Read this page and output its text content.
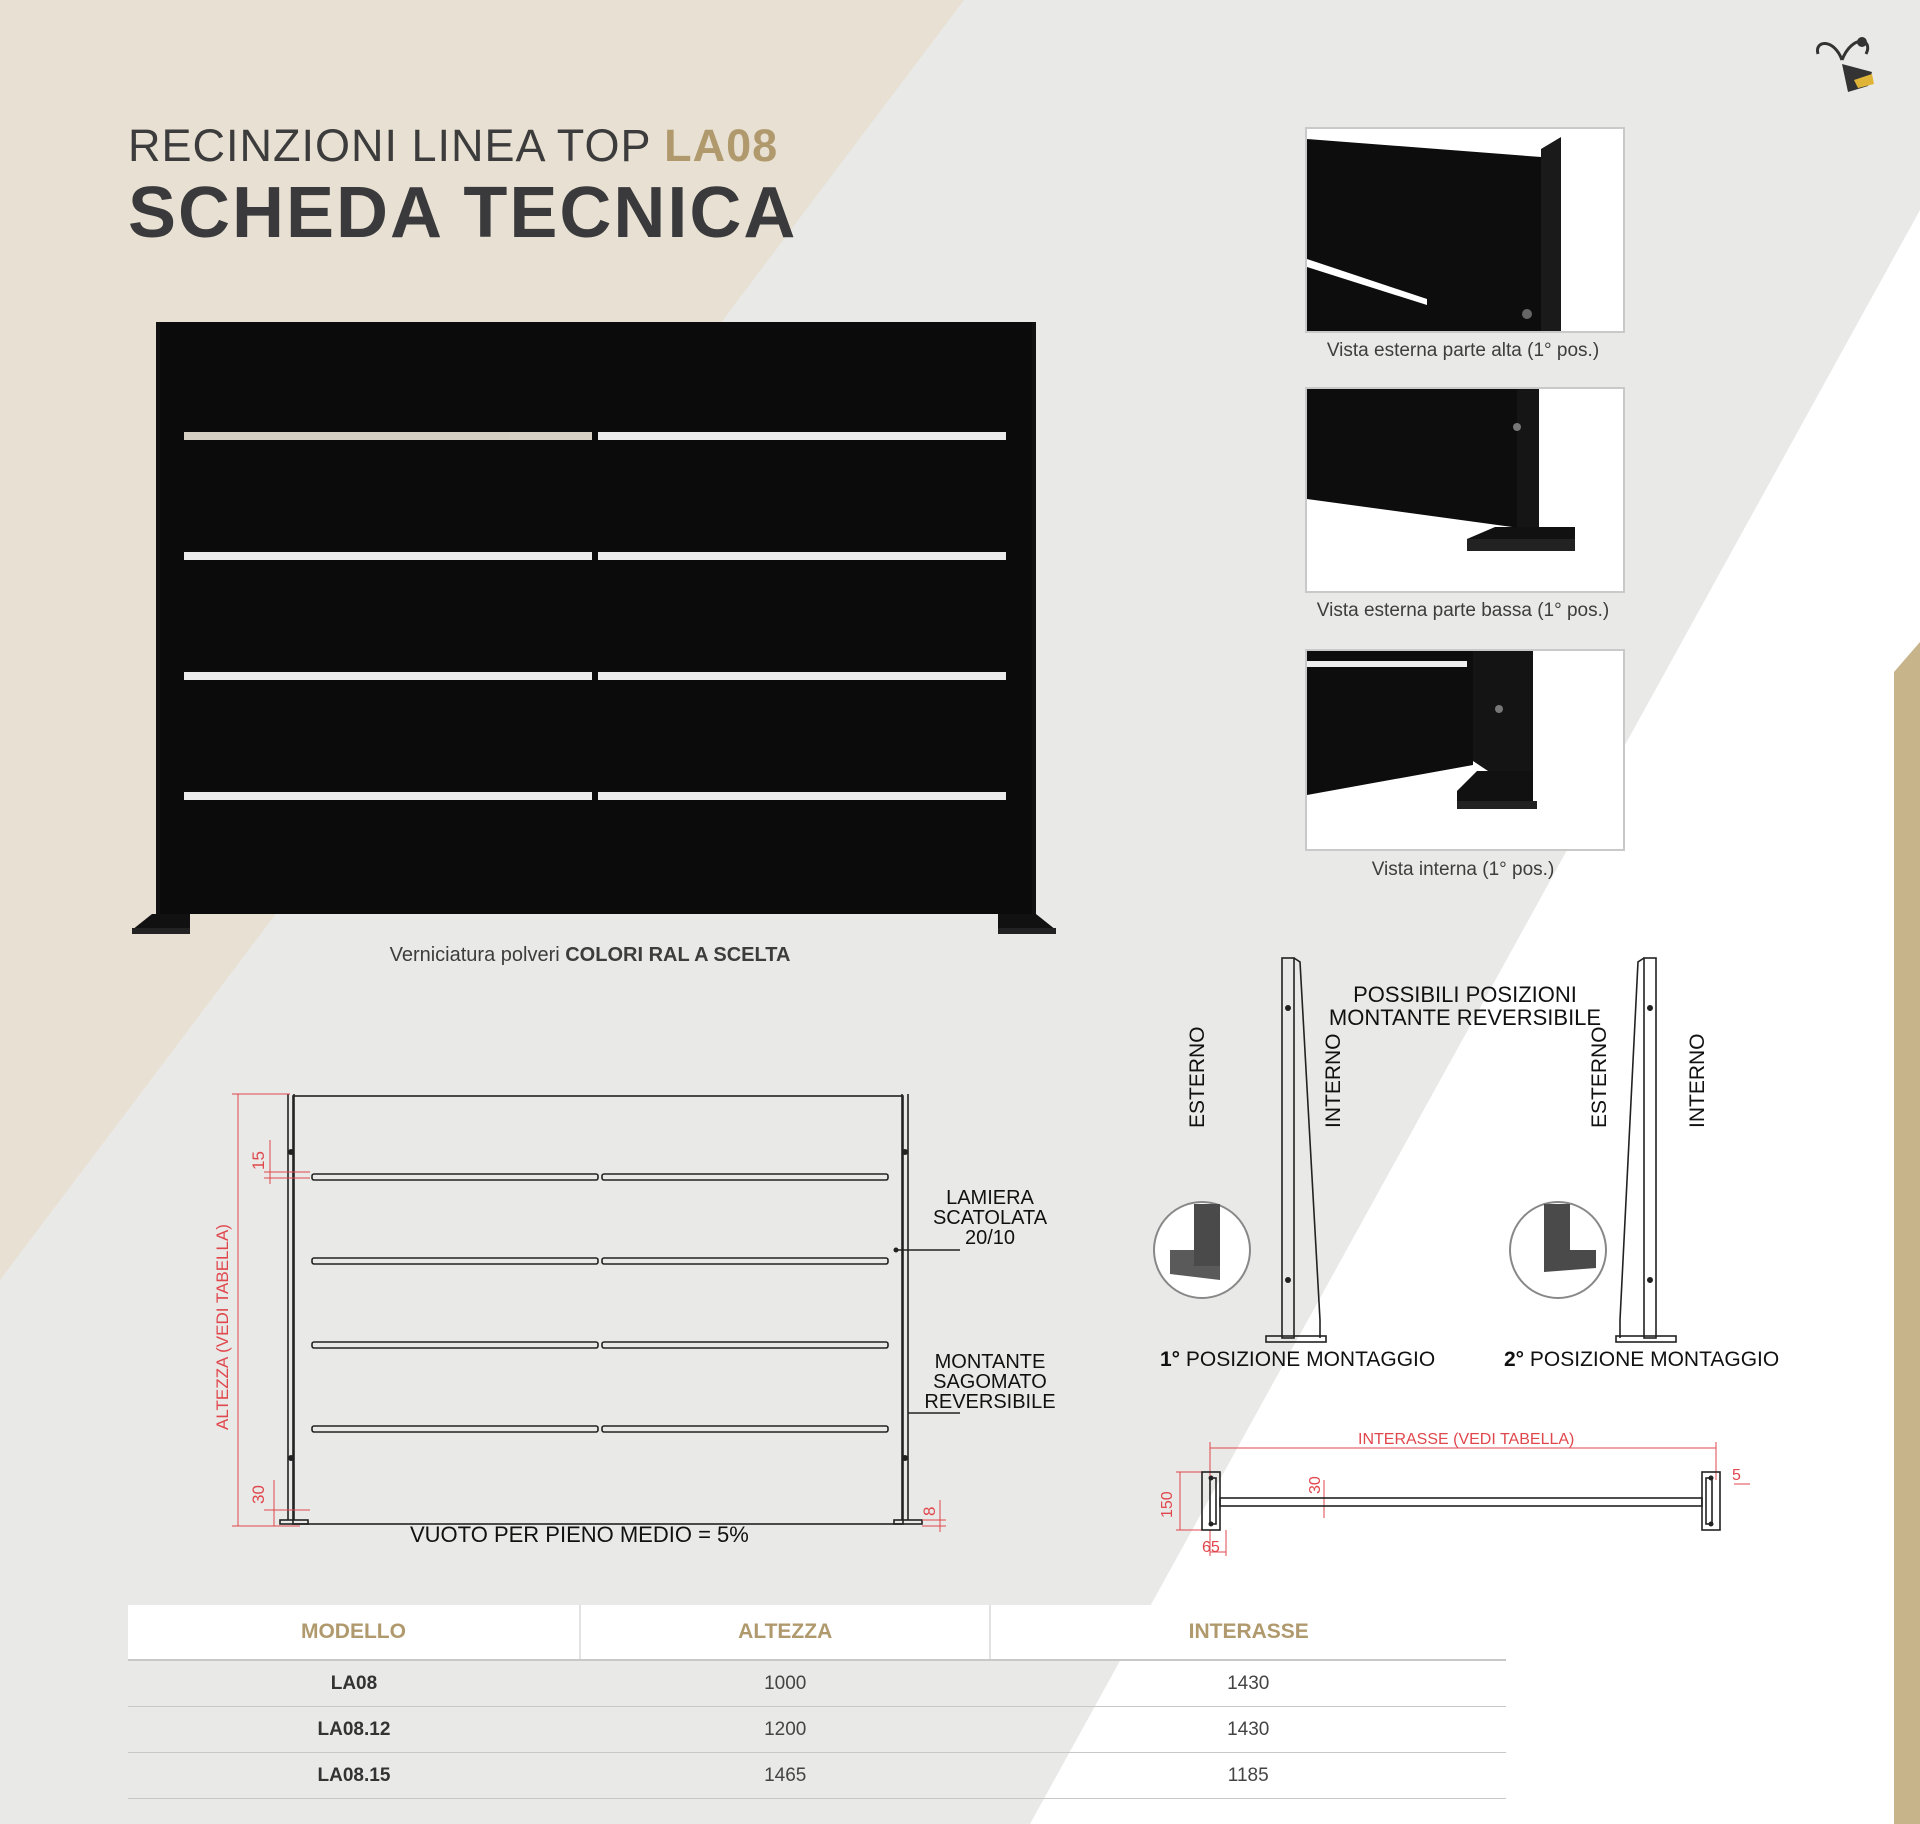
RECINZIONI LINEA TOP LA08
SCHEDA TECNICA
Verniciatura polveri COLORI RAL A SCELTA
Vista esterna parte alta (1° pos.)
Vista esterna parte bassa (1° pos.)
Vista interna (1° pos.)
ALTEZZA (VEDI TABELLA)
15
30
8
LAMIERA
SCATOLATA
20/10
MONTANTE
SAGOMATO
REVERSIBILE
VUOTO PER PIENO MEDIO = 5%
POSSIBILI POSIZIONI
MONTANTE REVERSIBILE
ESTERNO	INTERNO	ESTERNO	INTERNO
1° POSIZIONE MONTAGGIO	2° POSIZIONE MONTAGGIO
INTERASSE (VEDI TABELLA)
150
65
30
5
MODELLO	ALTEZZA	INTERASSE
LA08	1000	1430
LA08.12	1200	1430
LA08.15	1465	1185
